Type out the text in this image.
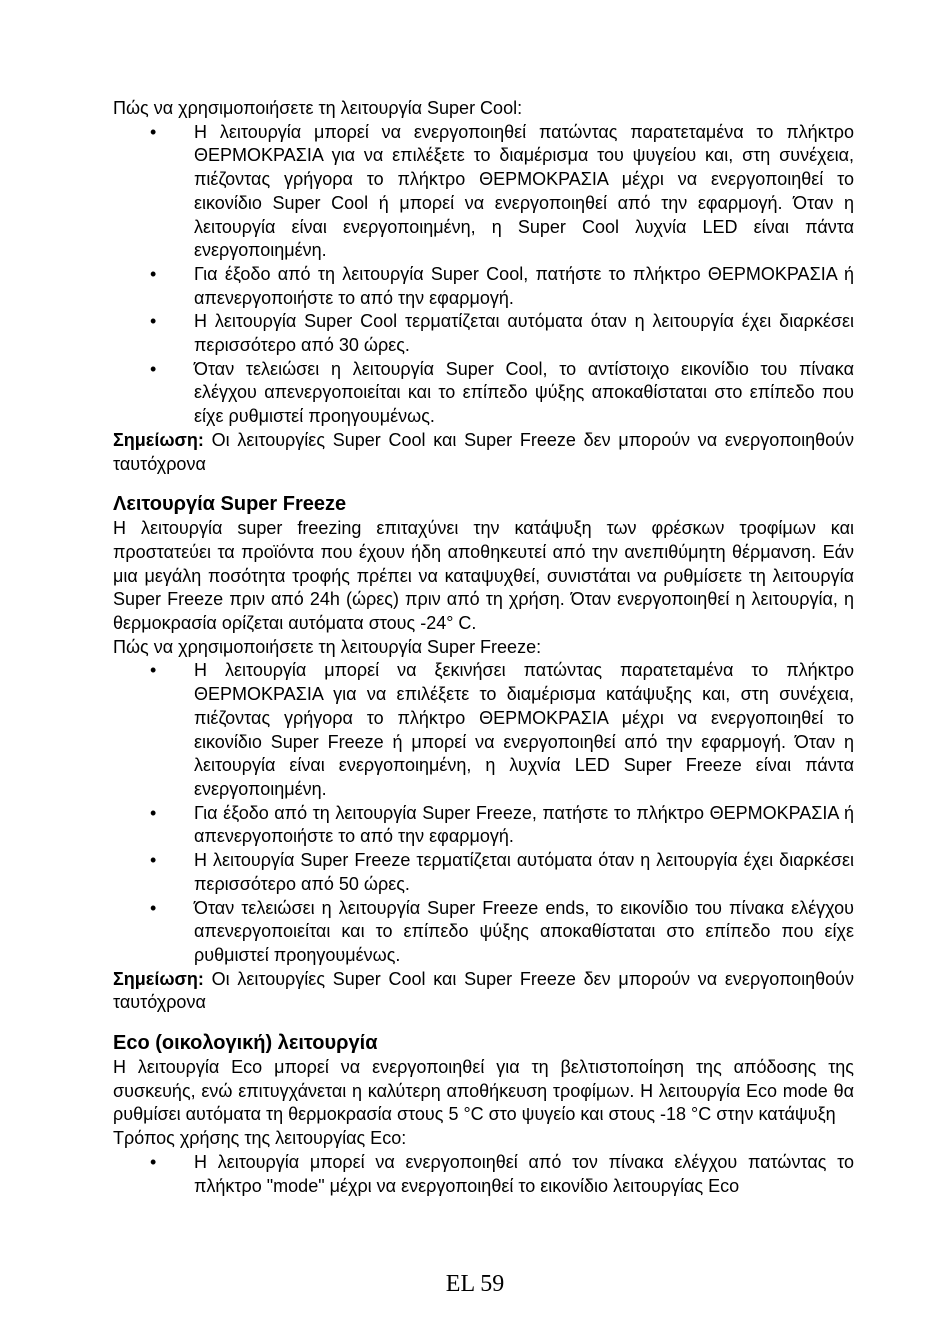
Πώς να χρησιμοποιήσετε τη λειτουργία Super Cool:

• Η λειτουργία μπορεί να ενεργοποιηθεί πατώντας παρατεταμένα το πλήκτρο ΘΕΡΜΟΚΡΑΣΙΑ για να επιλέξετε το διαμέρισμα του ψυγείου και, στη συνέχεια, πιέζοντας γρήγορα το πλήκτρο ΘΕΡΜΟΚΡΑΣΙΑ μέχρι να ενεργοποιηθεί το εικονίδιο Super Cool ή μπορεί να ενεργοποιηθεί από την εφαρμογή. Όταν η λειτουργία είναι ενεργοποιημένη, η Super Cool λυχνία LED είναι πάντα ενεργοποιημένη.
• Για έξοδο από τη λειτουργία Super Cool, πατήστε το πλήκτρο ΘΕΡΜΟΚΡΑΣΙΑ ή απενεργοποιήστε το από την εφαρμογή.
• Η λειτουργία Super Cool τερματίζεται αυτόματα όταν η λειτουργία έχει διαρκέσει περισσότερο από 30 ώρες.
• Όταν τελειώσει η λειτουργία Super Cool, το αντίστοιχο εικονίδιο του πίνακα ελέγχου απενεργοποιείται και το επίπεδο ψύξης αποκαθίσταται στο επίπεδο που είχε ρυθμιστεί προηγουμένως.

Σημείωση: Οι λειτουργίες Super Cool και Super Freeze δεν μπορούν να ενεργοποιηθούν ταυτόχρονα

Λειτουργία Super Freeze

Η λειτουργία super freezing επιταχύνει την κατάψυξη των φρέσκων τροφίμων και προστατεύει τα προϊόντα που έχουν ήδη αποθηκευτεί από την ανεπιθύμητη θέρμανση. Εάν μια μεγάλη ποσότητα τροφής πρέπει να καταψυχθεί, συνιστάται να ρυθμίσετε τη λειτουργία Super Freeze πριν από 24h (ώρες) πριν από τη χρήση. Όταν ενεργοποιηθεί η λειτουργία, η θερμοκρασία ορίζεται αυτόματα στους -24° C.

Πώς να χρησιμοποιήσετε τη λειτουργία Super Freeze:

• Η λειτουργία μπορεί να ξεκινήσει πατώντας παρατεταμένα το πλήκτρο ΘΕΡΜΟΚΡΑΣΙΑ για να επιλέξετε το διαμέρισμα κατάψυξης και, στη συνέχεια, πιέζοντας γρήγορα το πλήκτρο ΘΕΡΜΟΚΡΑΣΙΑ μέχρι να ενεργοποιηθεί το εικονίδιο Super Freeze ή μπορεί να ενεργοποιηθεί από την εφαρμογή. Όταν η λειτουργία είναι ενεργοποιημένη, η λυχνία LED Super Freeze είναι πάντα ενεργοποιημένη.
• Για έξοδο από τη λειτουργία Super Freeze, πατήστε το πλήκτρο ΘΕΡΜΟΚΡΑΣΙΑ ή απενεργοποιήστε το από την εφαρμογή.
• Η λειτουργία Super Freeze τερματίζεται αυτόματα όταν η λειτουργία έχει διαρκέσει περισσότερο από 50 ώρες.
• Όταν τελειώσει η λειτουργία Super Freeze ends, το εικονίδιο του πίνακα ελέγχου απενεργοποιείται και το επίπεδο ψύξης αποκαθίσταται στο επίπεδο που είχε ρυθμιστεί προηγουμένως.

Σημείωση: Οι λειτουργίες Super Cool και Super Freeze δεν μπορούν να ενεργοποιηθούν ταυτόχρονα

Eco (οικολογική) λειτουργία

Η λειτουργία Eco μπορεί να ενεργοποιηθεί για τη βελτιστοποίηση της απόδοσης της συσκευής, ενώ επιτυγχάνεται η καλύτερη αποθήκευση τροφίμων. Η λειτουργία Eco mode θα ρυθμίσει αυτόματα τη θερμοκρασία στους 5 °C στο ψυγείο και στους -18 °C στην κατάψυξη

Τρόπος χρήσης της λειτουργίας Eco:

• Η λειτουργία μπορεί να ενεργοποιηθεί από τον πίνακα ελέγχου πατώντας το πλήκτρο "mode" μέχρι να ενεργοποιηθεί το εικονίδιο λειτουργίας Eco
EL 59
